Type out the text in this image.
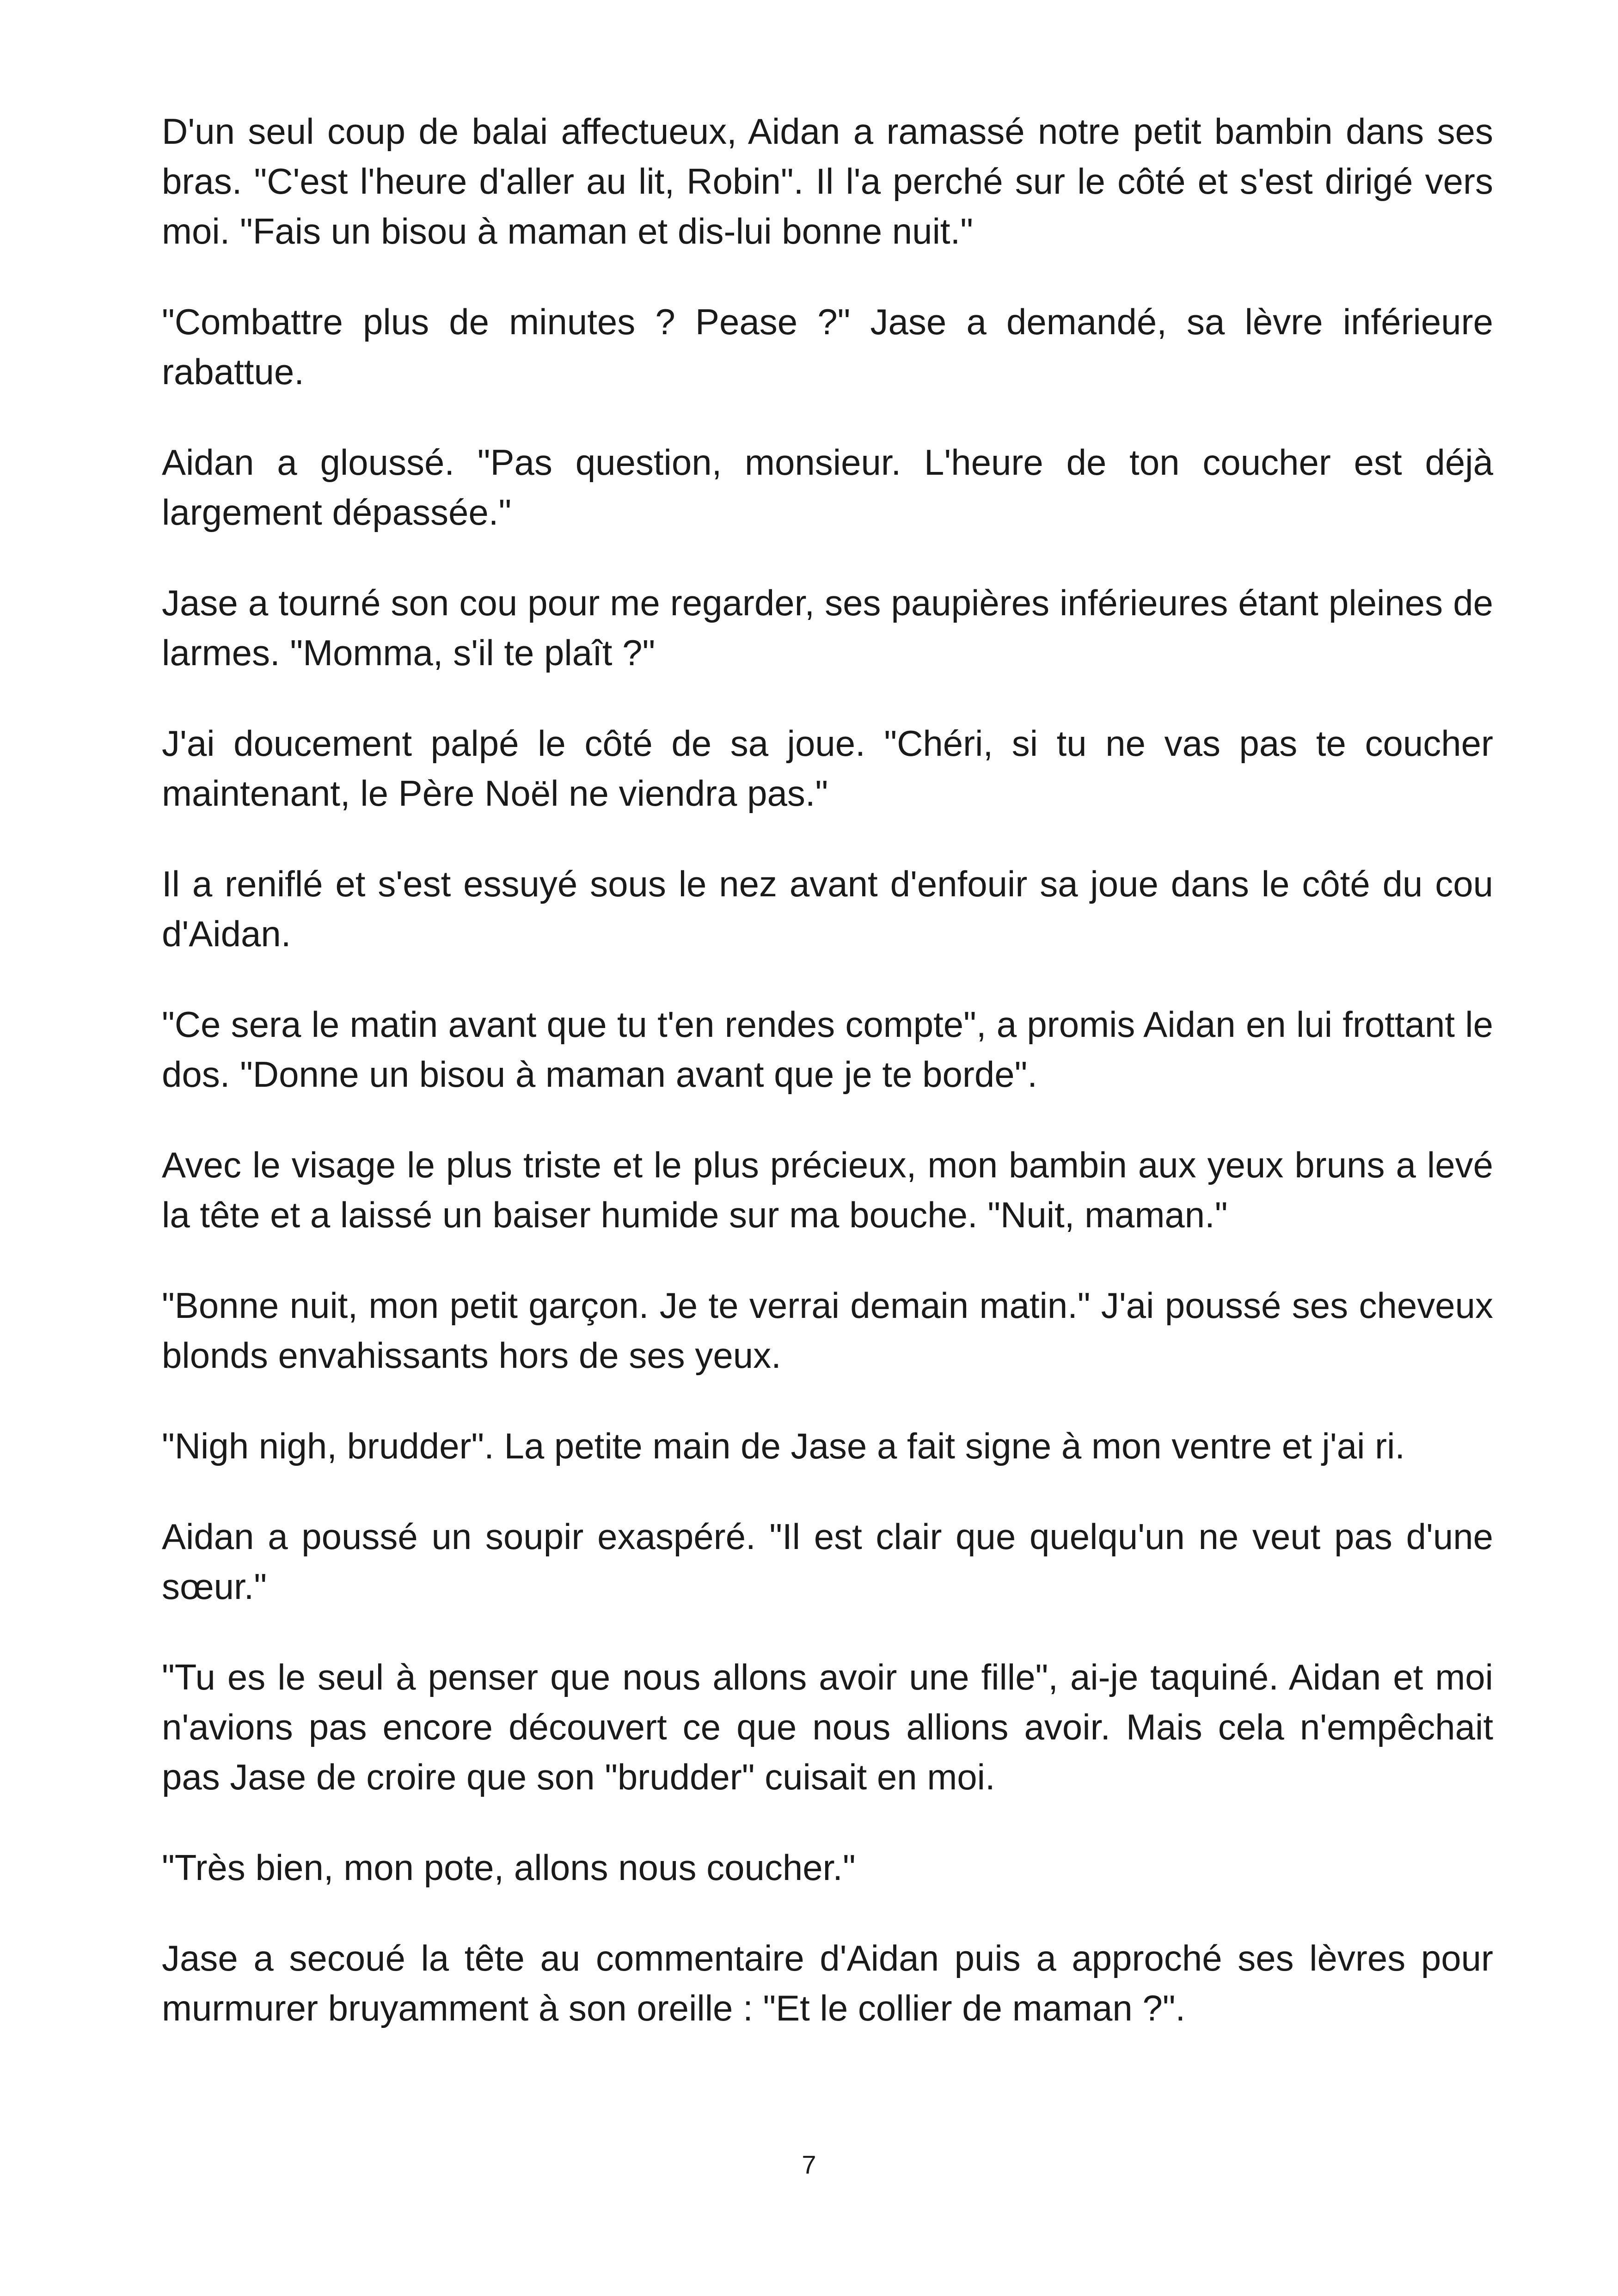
D'un seul coup de balai affectueux, Aidan a ramassé notre petit bambin dans ses bras. "C'est l'heure d'aller au lit, Robin". Il l'a perché sur le côté et s'est dirigé vers moi. "Fais un bisou à maman et dis-lui bonne nuit."

"Combattre plus de minutes ? Pease ?" Jase a demandé, sa lèvre inférieure rabattue.

Aidan a gloussé. "Pas question, monsieur. L'heure de ton coucher est déjà largement dépassée."

Jase a tourné son cou pour me regarder, ses paupières inférieures étant pleines de larmes. "Momma, s'il te plaît ?"

J'ai doucement palpé le côté de sa joue. "Chéri, si tu ne vas pas te coucher maintenant, le Père Noël ne viendra pas."

Il a reniflé et s'est essuyé sous le nez avant d'enfouir sa joue dans le côté du cou d'Aidan.

"Ce sera le matin avant que tu t'en rendes compte", a promis Aidan en lui frottant le dos. "Donne un bisou à maman avant que je te borde".

Avec le visage le plus triste et le plus précieux, mon bambin aux yeux bruns a levé la tête et a laissé un baiser humide sur ma bouche. "Nuit, maman."

"Bonne nuit, mon petit garçon. Je te verrai demain matin." J'ai poussé ses cheveux blonds envahissants hors de ses yeux.

"Nigh nigh, brudder". La petite main de Jase a fait signe à mon ventre et j'ai ri.

Aidan a poussé un soupir exaspéré. "Il est clair que quelqu'un ne veut pas d'une sœur."

"Tu es le seul à penser que nous allons avoir une fille", ai-je taquiné. Aidan et moi n'avions pas encore découvert ce que nous allions avoir. Mais cela n'empêchait pas Jase de croire que son "brudder" cuisait en moi.

"Très bien, mon pote, allons nous coucher."

Jase a secoué la tête au commentaire d'Aidan puis a approché ses lèvres pour murmurer bruyamment à son oreille : "Et le collier de maman ?".

7
